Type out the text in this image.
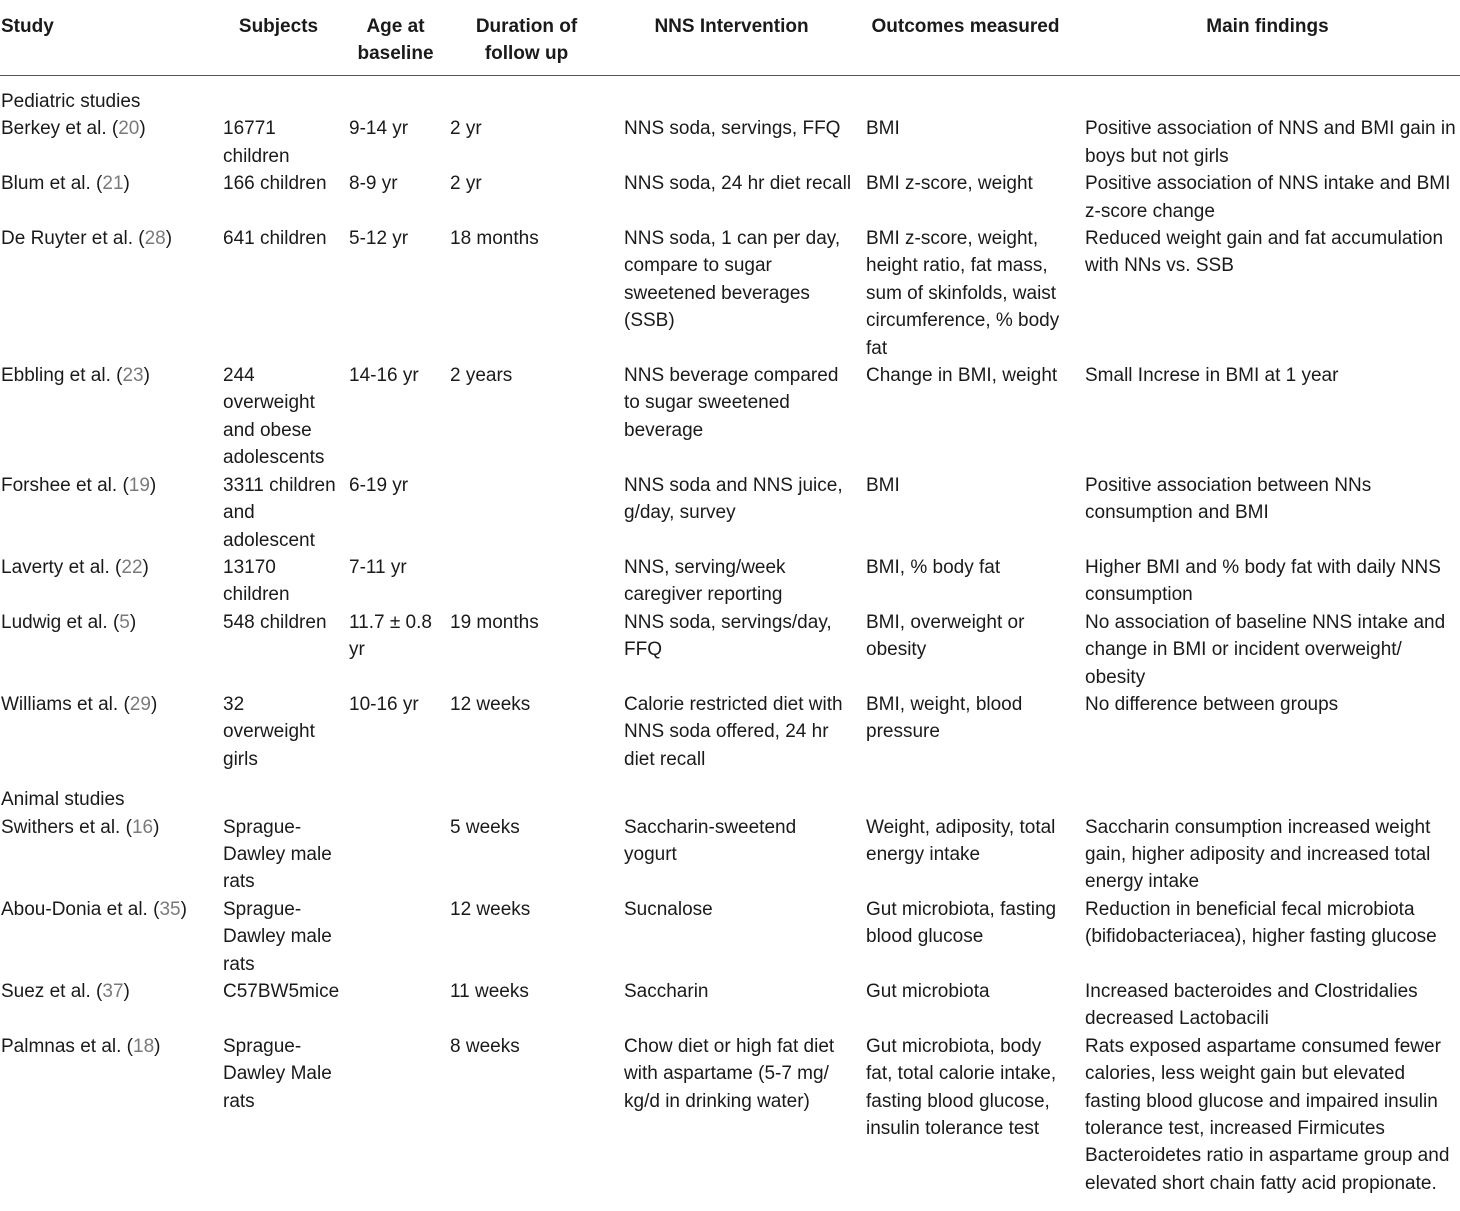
Study	Subjects	Age at baseline	Duration of follow up	NNS Intervention	Outcomes measured	Main findings
Pediatric studies						
Berkey et al. (20)	16771 children	9-14 yr	2 yr	NNS soda, servings, FFQ	BMI	Positive association of NNS and BMI gain in boys but not girls
Blum et al. (21)	166 children	8-9 yr	2 yr	NNS soda, 24 hr diet recall	BMI z-score, weight	Positive association of NNS intake and BMI z-score change
De Ruyter et al. (28)	641 children	5-12 yr	18 months	NNS soda, 1 can per day, compare to sugar sweetened beverages (SSB)	BMI z-score, weight, height ratio, fat mass, sum of skinfolds, waist circumference, % body fat	Reduced weight gain and fat accumulation with NNs vs. SSB
Ebbling et al. (23)	244 overweight and obese adolescents	14-16 yr	2 years	NNS beverage compared to sugar sweetened beverage	Change in BMI, weight	Small Increse in BMI at 1 year
Forshee et al. (19)	3311 children and adolescent	6-19 yr		NNS soda and NNS juice, g/day, survey	BMI	Positive association between NNs consumption and BMI
Laverty et al. (22)	13170 children	7-11 yr		NNS, serving/week caregiver reporting	BMI, % body fat	Higher BMI and % body fat with daily NNS consumption
Ludwig et al. (5)	548 children	11.7 ± 0.8 yr	19 months	NNS soda, servings/day, FFQ	BMI, overweight or obesity	No association of baseline NNS intake and change in BMI or incident overweight/ obesity
Williams et al. (29)	32 overweight girls	10-16 yr	12 weeks	Calorie restricted diet with NNS soda offered, 24 hr diet recall	BMI, weight, blood pressure	No difference between groups
Animal studies						
Swithers et al. (16)	Sprague-Dawley male rats		5 weeks	Saccharin-sweetend yogurt	Weight, adiposity, total energy intake	Saccharin consumption increased weight gain, higher adiposity and increased total energy intake
Abou-Donia et al. (35)	Sprague-Dawley male rats		12 weeks	Sucnalose	Gut microbiota, fasting blood glucose	Reduction in beneficial fecal microbiota (bifidobacteriacea), higher fasting glucose
Suez et al. (37)	C57BW5mice		11 weeks	Saccharin	Gut microbiota	Increased bacteroides and Clostridalies decreased Lactobacili
Palmnas et al. (18)	Sprague-Dawley Male rats		8 weeks	Chow diet or high fat diet with aspartame (5-7 mg/ kg/d in drinking water)	Gut microbiota, body fat, total calorie intake, fasting blood glucose, insulin tolerance test	Rats exposed aspartame consumed fewer calories, less weight gain but elevated fasting blood glucose and impaired insulin tolerance test, increased Firmicutes Bacteroidetes ratio in aspartame group and elevated short chain fatty acid propionate.
